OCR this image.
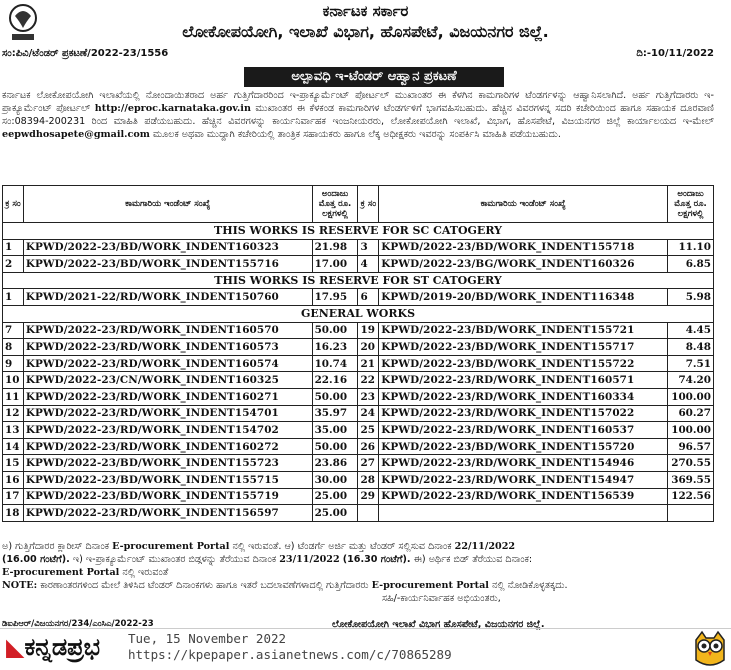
ಕರ್ನಾಟಕ ಸರ್ಕಾರ
ಲೋಕೋಪಯೋಗಿ, ಇಲಾಖೆ ವಿಭಾಗ, ಹೊಸಪೇಟೆ, ವಿಜಯನಗರ ಜಿಲ್ಲೆ.
ಸಂ:ಪಿವಿ/ಟೆಂಡರ್ ಪ್ರಕಟಣೆ/2022-23/1556	ದಿ:-10/11/2022
ಅಲ್ಪಾವಧಿ ಇ-ಟೆಂಡರ್ ಆಹ್ವಾನ ಪ್ರಕಟಣೆ
ಕರ್ನಾಟಕ ಲೋಕೋಪಯೋಗಿ ಇಲಾಖೆಯಲ್ಲಿ ನೋಂದಾಯಿತರಾದ ಅರ್ಹ ಗುತ್ತಿಗೆದಾರರಿಂದ ಇ-ಪ್ರಾಕ್ಯೂರ್ಮೆಂಟ್ ಪೋರ್ಟಲ್ ಮುಖಾಂತರ ಈ ಕೆಳಗಿನ ಕಾಮಗಾರಿಗಳ ಟೆಂಡರ್ಗಳನ್ನು ಆಹ್ವಾನಿಸಲಾಗಿದೆ. ಅರ್ಹ ಗುತ್ತಿಗೆದಾರರು ಇ-ಪ್ರಾಕ್ಯೂರ್ಮೆಂಟ್ ಪೋರ್ಟಲ್ http://eproc.karnataka.gov.in ಮುಖಾಂತರ ಈ ಕೆಳಕಂಡ ಕಾಮಗಾರಿಗಳ ಟೆಂಡರ್ಗಳಿಗೆ ಭಾಗವಹಿಸಬಹುದು. ಹೆಚ್ಚಿನ ವಿವರಗಳನ್ನ ಸದರಿ ಕಚೇರಿಯಿಂದ ಹಾಗೂ ಸಹಾಯಕ ದೂರವಾಣಿ ಸಂ:08394-200231 ರಿಂದ ಮಾಹಿತಿ ಪಡೆಯಬಹುದು. ಹೆಚ್ಚಿನ ವಿವರಗಳನ್ನು ಕಾರ್ಯನಿರ್ವಾಹಕ ಇಂಜನೀಯರರು, ಲೋಕೋಪಯೋಗಿ ಇಲಾಖೆ, ವಿಭಾಗ, ಹೊಸಪೇಟೆ, ವಿಜಯನಗರ ಜಿಲ್ಲೆ ಕಾರ್ಯಾಲಯದ ಇ-ಮೇಲ್ eepwdhosapete@gmail.com ಮೂಲಕ ಅಥವಾ ಮುದ್ದಾಗಿ ಕಚೇರಿಯಲ್ಲಿ ತಾಂತ್ರಿಕ ಸಹಾಯಕರು ಹಾಗೂ ಲೆಕ್ಕ ಅಧೀಕ್ಷಕರು ಇವರನ್ನು ಸಂಪರ್ಕಿಸಿ ಮಾಹಿತಿ ಪಡೆಯಬಹುದು.
ಕ್ರ ಸಂ	ಕಾಮಗಾರಿಯ ಇಂಡೆಂಟ್ ಸಂಖ್ಯೆ	ಅಂದಾಜು ಮೊತ್ತ ರೂ. ಲಕ್ಷಗಳಲ್ಲಿ	ಕ್ರ ಸಂ	ಕಾಮಗಾರಿಯ ಇಂಡೆಂಟ್ ಸಂಖ್ಯೆ	ಅಂದಾಜು ಮೊತ್ತ ರೂ. ಲಕ್ಷಗಳಲ್ಲಿ
THIS WORKS IS RESERVE FOR SC CATOGERY					
1	KPWD/2022-23/BD/WORK_INDENT160323	21.98	3	KPWD/2022-23/BD/WORK_INDENT155718	11.10
2	KPWD/2022-23/BD/WORK_INDENT155716	17.00	4	KPWD/2022-23/BG/WORK_INDENT160326	6.85
THIS WORKS IS RESERVE FOR ST CATOGERY					
1	KPWD/2021-22/RD/WORK_INDENT150760	17.95	6	KPWD/2019-20/BD/WORK_INDENT116348	5.98
GENERAL WORKS					
7	KPWD/2022-23/RD/WORK_INDENT160570	50.00	19	KPWD/2022-23/BD/WORK_INDENT155721	4.45
8	KPWD/2022-23/RD/WORK_INDENT160573	16.23	20	KPWD/2022-23/BD/WORK_INDENT155717	8.48
9	KPWD/2022-23/RD/WORK_INDENT160574	10.74	21	KPWD/2022-23/BD/WORK_INDENT155722	7.51
10	KPWD/2022-23/CN/WORK_INDENT160325	22.16	22	KPWD/2022-23/RD/WORK_INDENT160571	74.20
11	KPWD/2022-23/RD/WORK_INDENT160271	50.00	23	KPWD/2022-23/RD/WORK_INDENT160334	100.00
12	KPWD/2022-23/RD/WORK_INDENT154701	35.97	24	KPWD/2022-23/RD/WORK_INDENT157022	60.27
13	KPWD/2022-23/RD/WORK_INDENT154702	35.00	25	KPWD/2022-23/RD/WORK_INDENT160537	100.00
14	KPWD/2022-23/RD/WORK_INDENT160272	50.00	26	KPWD/2022-23/BD/WORK_INDENT155720	96.57
15	KPWD/2022-23/BD/WORK_INDENT155723	23.86	27	KPWD/2022-23/RD/WORK_INDENT154946	270.55
16	KPWD/2022-23/BD/WORK_INDENT155715	30.00	28	KPWD/2022-23/RD/WORK_INDENT154947	369.55
17	KPWD/2022-23/BD/WORK_INDENT155719	25.00	29	KPWD/2022-23/RD/WORK_INDENT156539	122.56
18	KPWD/2022-23/RD/WORK_INDENT156597	25.00			
ಅ) ಗುತ್ತಿಗೆದಾರರ ಕ್ಲಾರೀಸ್ ದಿನಾಂಕ E-procurement Portal ನಲ್ಲಿ ಇರುವಂತೆ. ಆ) ಟೆಂಡರ್ಗೆ ಅರ್ಜಿ ಮತ್ತು ಟೆಂಡರ್ ಸಲ್ಲಿಸುವ ದಿನಾಂಕ 22/11/2022
(16.00 ಗಂಟೆಗೆ). ಇ) ಇ-ಪ್ರಾಕ್ಯೂರ್ಮೆಂಟ್ ಮುಖಾಂತರ ಬಿಡ್ಗಳನ್ನು ತೆರೆಯುವ ದಿನಾಂಕ 23/11/2022 (16.30 ಗಂಟೆಗೆ). ಈ) ಅರ್ಥಿಕ ಬಿಡ್ ತೆರೆಯುವ ದಿನಾಂಕ:
E-procurement Portal ನಲ್ಲಿ ಇರುವಂತೆ
NOTE: ಕಾರಣಾಂತರಗಳಿಂದ ಮೇಲೆ ತಿಳಿಸಿದ ಟೆಂಡರ್ ದಿನಾಂಕಗಳು ಹಾಗೂ ಇತರೆ ಬದಲಾವಣೆಗಳಾದಲ್ಲಿ ಗುತ್ತಿಗೆದಾರರು E-procurement Portal ನಲ್ಲಿ ನೋಡಿಕೊಳ್ಳತಕ್ಕದು.
ಸಹಿ/-ಕಾರ್ಯನಿರ್ವಾಹಕ ಅಭಿಯಂತರು,
ಡಿಐಪಿಆರ್/ವಿಜಯನಗರ/234/ಎಂಸಿಎ/2022-23	ಲೋಕೋಪಯೋಗಿ ಇಲಾಖೆ ವಿಭಾಗ ಹೊಸಪೇಟೆ, ವಿಜಯನಗರ ಜಿಲ್ಲೆ.
◣ಕನ್ನಡಪ್ರಭ Tue, 15 November 2022
https://kpepaper.asianetnews.com/c/70865289
